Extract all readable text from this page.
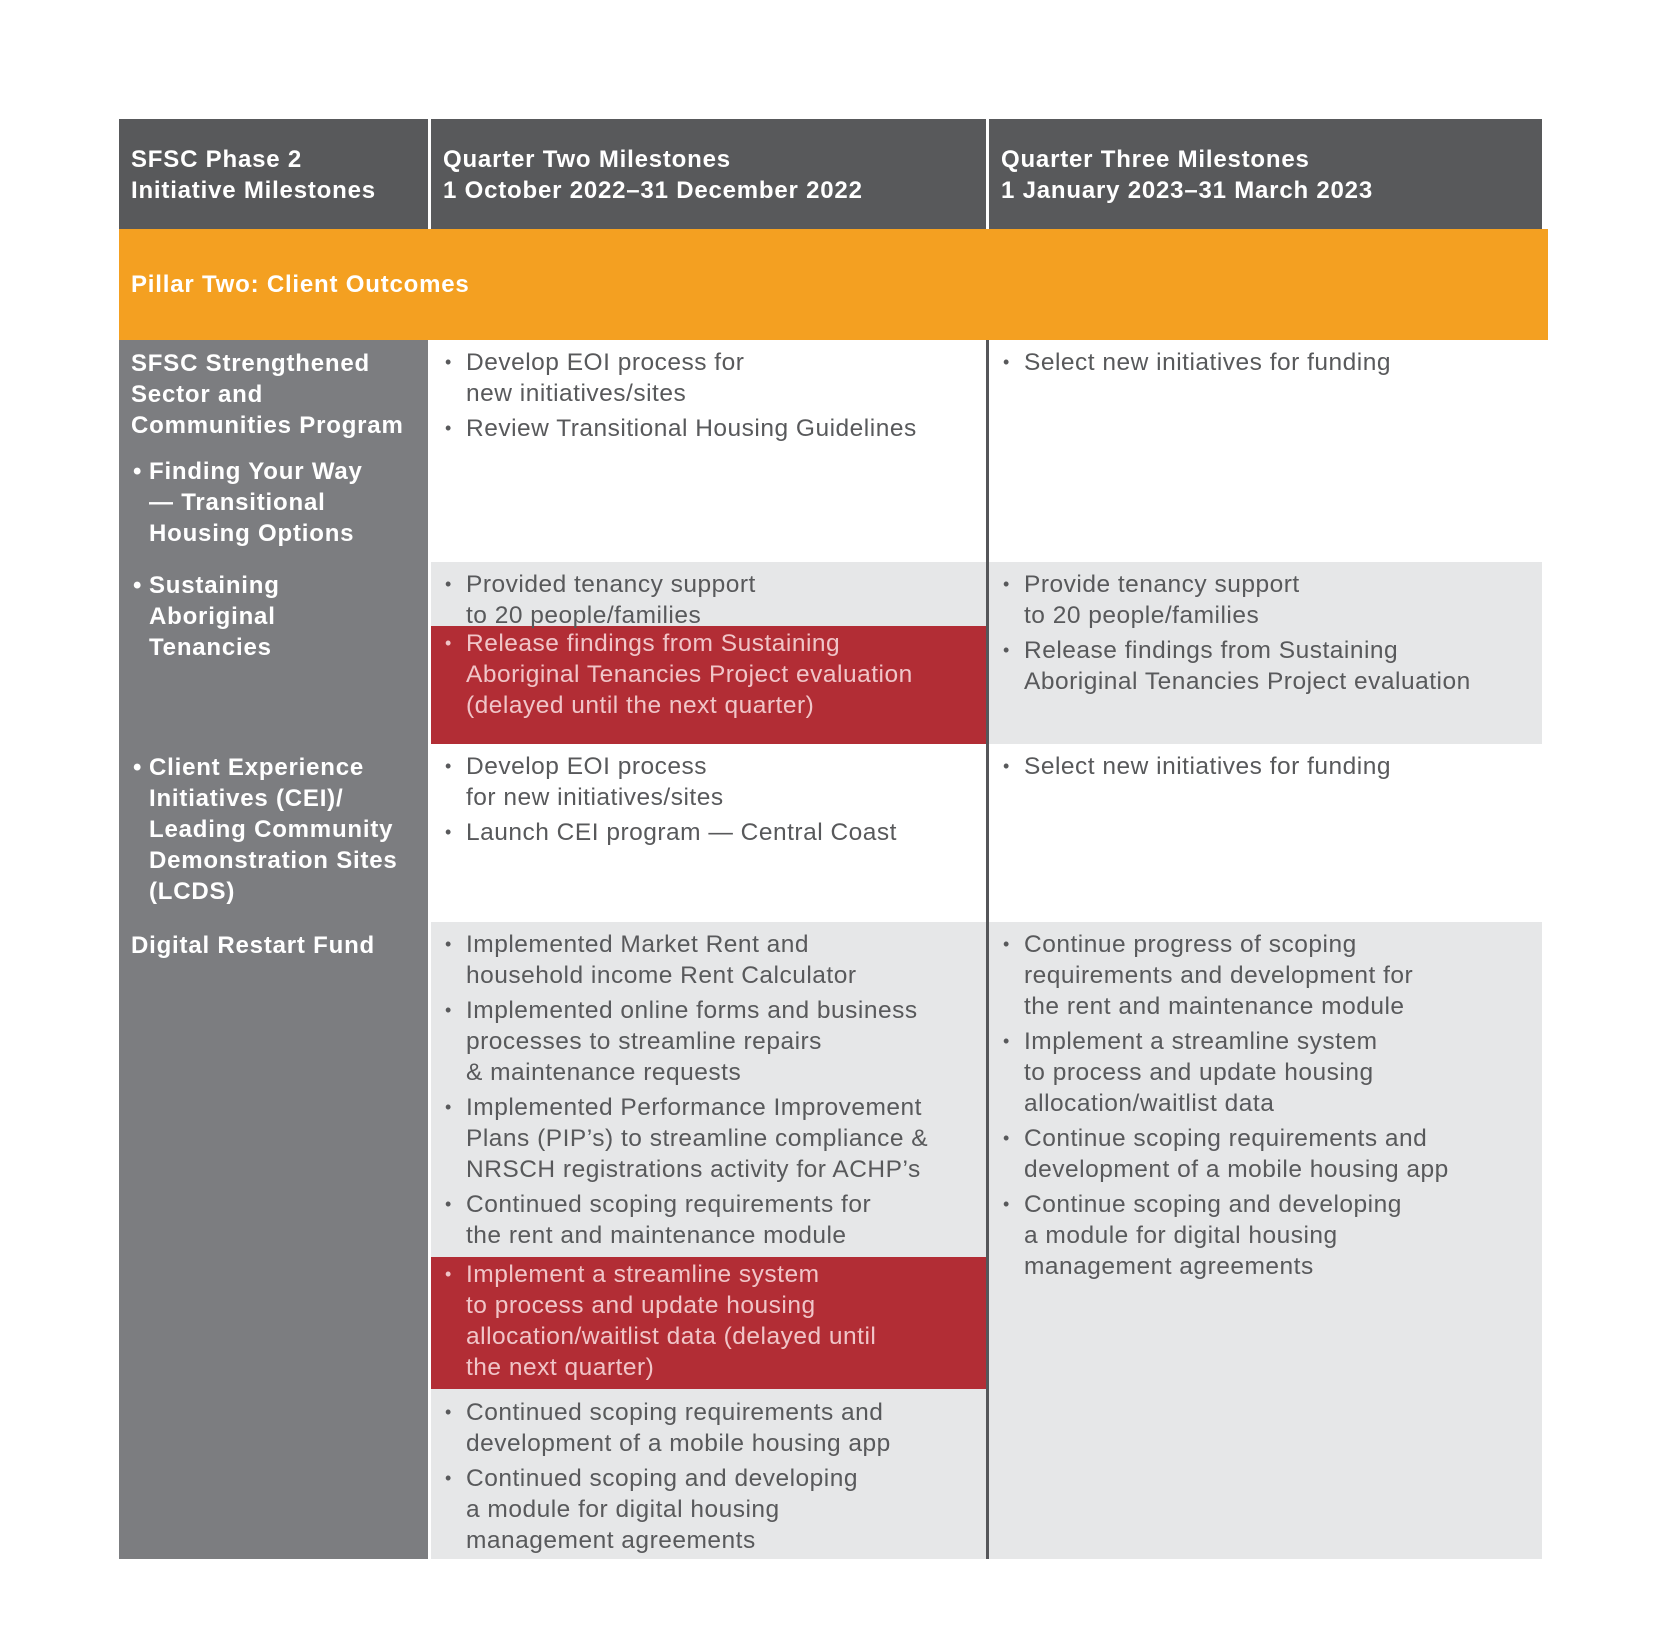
SFSC Phase 2
Initiative Milestones
Quarter Two Milestones
1 October 2022–31 December 2022
Quarter Three Milestones
1 January 2023–31 March 2023
Pillar Two: Client Outcomes
SFSC Strengthened
Sector and
Communities Program
• Finding Your Way
— Transitional
Housing Options
• Develop EOI process for
new initiatives/sites
• Review Transitional Housing Guidelines
• Select new initiatives for funding
• Sustaining
Aboriginal
Tenancies
• Provided tenancy support
to 20 people/families
• Release findings from Sustaining
Aboriginal Tenancies Project evaluation
(delayed until the next quarter)
• Provide tenancy support
to 20 people/families
• Release findings from Sustaining
Aboriginal Tenancies Project evaluation
• Client Experience
Initiatives (CEI)/
Leading Community
Demonstration Sites
(LCDS)
• Develop EOI process
for new initiatives/sites
• Launch CEI program — Central Coast
• Select new initiatives for funding
Digital Restart Fund
•	Implemented Market Rent and
household income Rent Calculator
• Implemented online forms and business
processes to streamline repairs
& maintenance requests
• Implemented Performance Improvement
Plans (PIP’s) to streamline compliance &
NRSCH registrations activity for ACHP’s
• Continued scoping requirements for
the rent and maintenance module
• Implement a streamline system
to process and update housing
allocation/waitlist data (delayed until
the next quarter)
• Continued scoping requirements and
development of a mobile housing app
• Continued scoping and developing
a module for digital housing
management agreements
• Continue progress of scoping
requirements and development for
the rent and maintenance module
• Implement a streamline system
to process and update housing
allocation/waitlist data
• Continue scoping requirements and
development of a mobile housing app
• Continue scoping and developing
a module for digital housing
management agreements
